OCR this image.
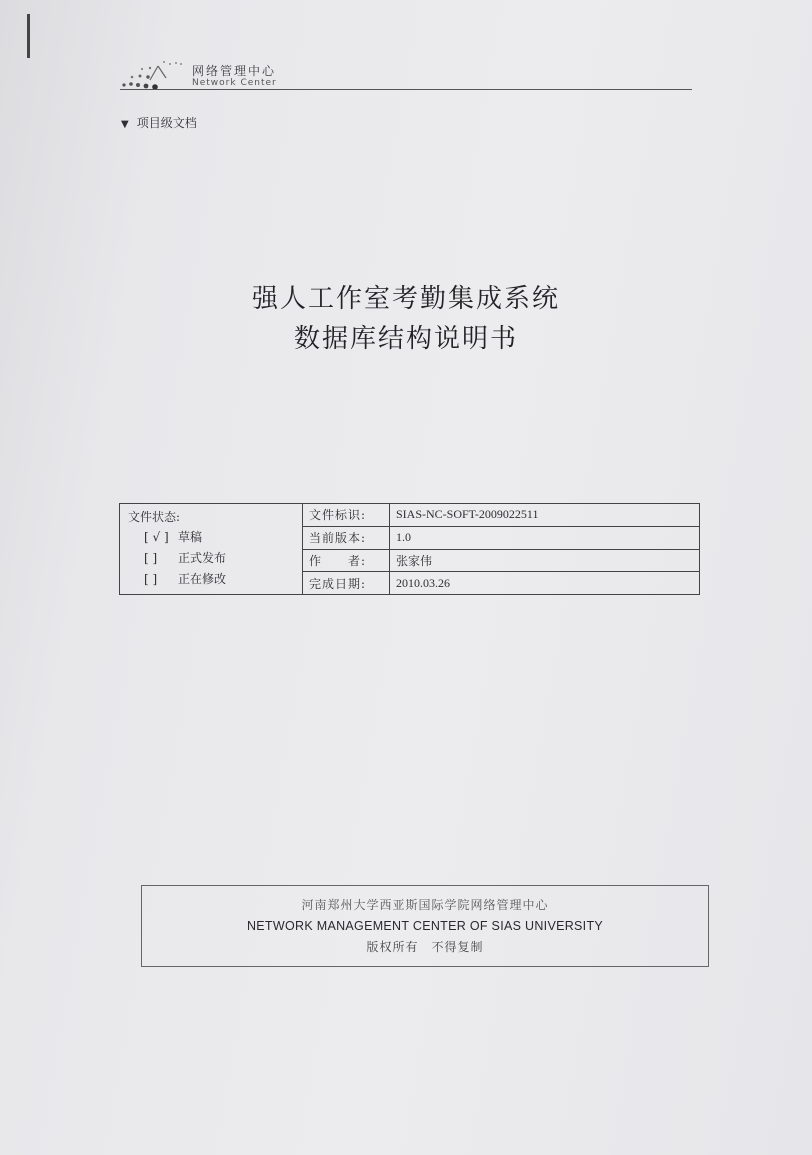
网络管理中心
Network Center
▼ 项目级文档
强人工作室考勤集成系统
数据库结构说明书
文件状态:
[ √ ] 草稿
[ ] 正式发布
[ ] 正在修改	文件标识:	SIAS-NC-SOFT-2009022511
	当前版本:	1.0
	作　　者:	张家伟
	完成日期:	2010.03.26
河南郑州大学西亚斯国际学院网络管理中心
NETWORK MANAGEMENT CENTER OF SIAS UNIVERSITY
版权所有　不得复制
